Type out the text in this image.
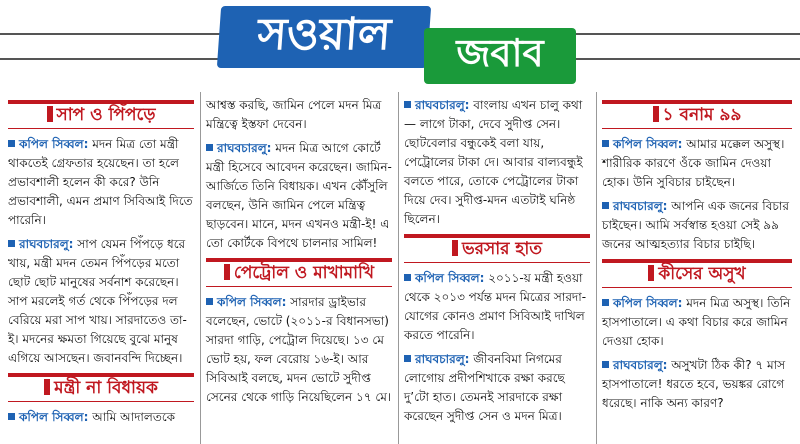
সওয়াল	জবাব
সাপ ও পিঁপড়ে

কপিল সিব্বল: মদন মিত্র তো মন্ত্রী থাকতেই গ্রেফতার হয়েছেন। তা হলে প্রভাবশালী হলেন কী করে? উনি প্রভাবশালী, এমন প্রমাণ সিবিআই দিতে পারেনি।

রাঘবচারলু: সাপ যেমন পিঁপড়ে ধরে খায়, মন্ত্রী মদন তেমন পিঁপড়ের মতো ছোট ছোট মানুষের সর্বনাশ করেছেন। সাপ মরলেই গর্ত থেকে পিঁপড়ের দল বেরিয়ে মরা সাপ খায়। সারদাতেও তা-ই। মদনের ক্ষমতা গিয়েছে বুঝে মানুষ এগিয়ে আসছেন। জবানবন্দি দিচ্ছেন।

মন্ত্রী না বিধায়ক

কপিল সিব্বল: আমি আদালতকে

আশ্বস্ত করছি, জামিন পেলে মদন মিত্র মন্ত্রিত্বে ইস্তফা দেবেন।

রাঘবচারলু: মদন মিত্র আগে কোর্টে মন্ত্রী হিসেবে আবেদন করেছেন। জামিন-আর্জিতে তিনি বিধায়ক। এখন কৌঁসুলি বলছেন, উনি জামিন পেলে মন্ত্রিত্ব ছাড়বেন। মানে, মদন এখনও মন্ত্রী-ই! এ তো কোর্টকে বিপথে চালনার সামিল!

পেট্রোল ও মাখামাখি

কপিল সিব্বল: সারদার ড্রাইভার বলেছেন, ভোটে (২০১১-র বিধানসভা) সারদা গাড়ি, পেট্রোল দিয়েছে। ১৩ মে ভোট হয়, ফল বেরোয় ১৬-ই। আর সিবিআই বলছে, মদন ভোটে সুদীপ্ত সেনের থেকে গাড়ি নিয়েছিলেন ১৭ মে।

রাঘবচারলু: বাংলায় এখন চালু কথা— লাগে টাকা, দেবে সুদীপ্ত সেন। ছোটবেলার বন্ধুকেই বলা যায়, পেট্রোলের টাকা দে। আবার বাল্যবন্ধুই বলতে পারে, তোকে পেট্রোলের টাকা দিয়ে দেব। সুদীপ্ত-মদন এতটাই ঘনিষ্ঠ ছিলেন।

ভরসার হাত

কপিল সিব্বল: ২০১১-য় মন্ত্রী হওয়া থেকে ২০১৩ পর্যন্ত মদন মিত্রের সারদা-যোগের কোনও প্রমাণ সিবিআই দাখিল করতে পারেনি।

রাঘবচারলু: জীবনবিমা নিগমের লোগোয় প্রদীপশিখাকে রক্ষা করছে দু’টো হাত। তেমনই সারদাকে রক্ষা করেছেন সুদীপ্ত সেন ও মদন মিত্র।

১ বনাম ৯৯

কপিল সিব্বল: আমার মক্কেল অসুস্থ। শারীরিক কারণে ওঁকে জামিন দেওয়া হোক। উনি সুবিচার চাইছেন।

রাঘবচারলু: আপনি এক জনের বিচার চাইছেন। আমি সর্বস্বান্ত হওয়া সেই ৯৯ জনের আত্মহত্যার বিচার চাইছি।

কীসের অসুখ

কপিল সিব্বল: মদন মিত্র অসুস্থ। তিনি হাসপাতালে। এ কথা বিচার করে জামিন দেওয়া হোক।

রাঘবচারলু: অসুখটা ঠিক কী? ৭ মাস হাসপাতালে! ধরতে হবে, ভয়ঙ্কর রোগে ধরেছে। নাকি অন্য কারণ?
